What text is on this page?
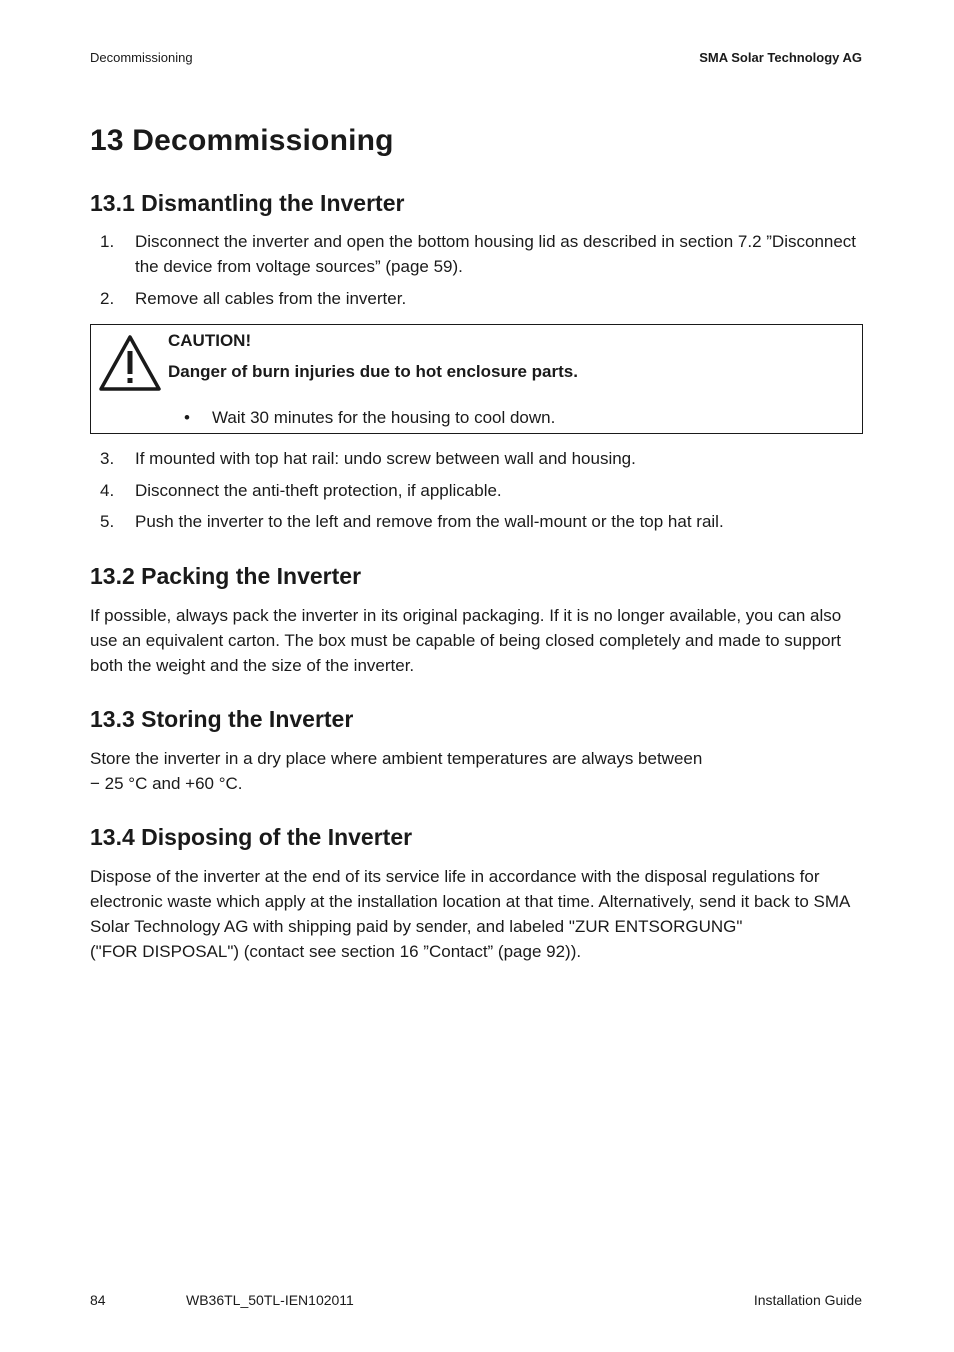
Decommissioning	SMA Solar Technology AG
13 Decommissioning
13.1 Dismantling the Inverter
1. Disconnect the inverter and open the bottom housing lid as described in section 7.2 ”Disconnect the device from voltage sources” (page 59).
2. Remove all cables from the inverter.
CAUTION!
Danger of burn injuries due to hot enclosure parts.
• Wait 30 minutes for the housing to cool down.
3. If mounted with top hat rail: undo screw between wall and housing.
4. Disconnect the anti-theft protection, if applicable.
5. Push the inverter to the left and remove from the wall-mount or the top hat rail.
13.2 Packing the Inverter

If possible, always pack the inverter in its original packaging. If it is no longer available, you can also use an equivalent carton. The box must be capable of being closed completely and made to support both the weight and the size of the inverter.

13.3 Storing the Inverter

Store the inverter in a dry place where ambient temperatures are always between

− 25 °C and +60 °C.

13.4 Disposing of the Inverter

Dispose of the inverter at the end of its service life in accordance with the disposal regulations for electronic waste which apply at the installation location at that time. Alternatively, send it back to SMA Solar Technology AG with shipping paid by sender, and labeled "ZUR ENTSORGUNG"

("FOR DISPOSAL") (contact see section 16 ”Contact” (page 92)).

84	WB36TL_50TL-IEN102011	Installation Guide
